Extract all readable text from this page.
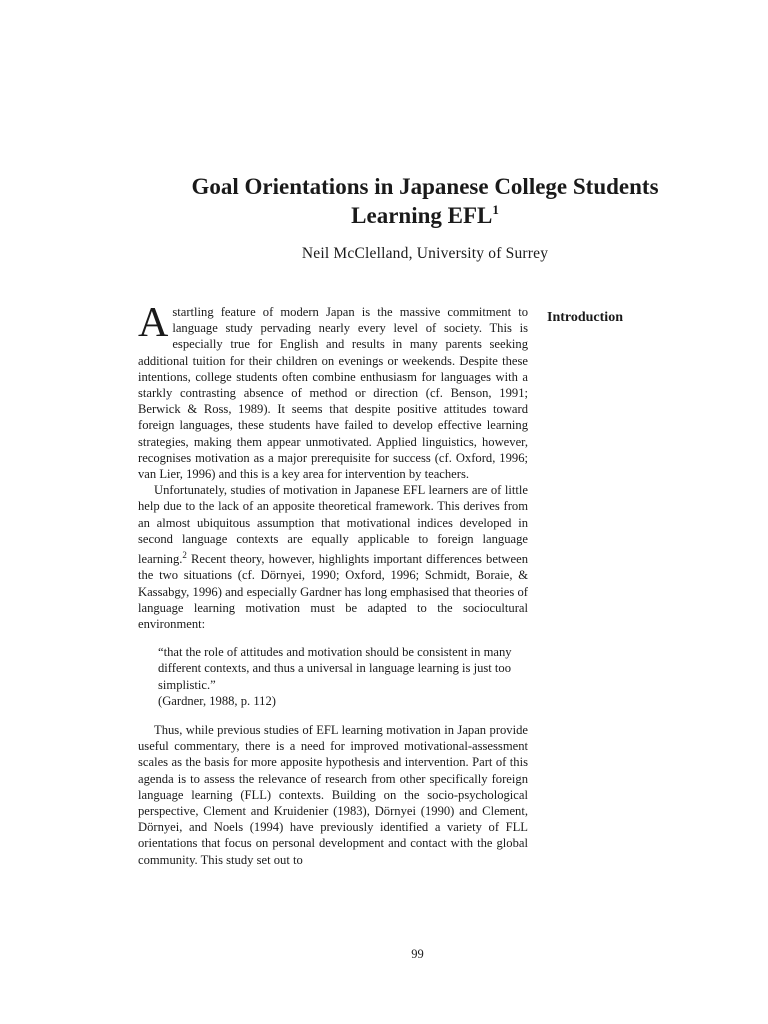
Goal Orientations in Japanese College Students

Learning EFL$^1$

Neil McClelland, University of Surrey
Introduction

Astartling feature of modern Japan is the massive commitment to language study pervading nearly every level of society. This is especially true for English and results in many parents seeking additional tuition for their children on evenings or weekends. Despite these intentions, college students often combine enthusiasm for languages with a starkly contrasting absence of method or direction (cf. Benson, 1991; Berwick & Ross, 1989). It seems that despite positive attitudes toward foreign languages, these students have failed to develop effective learning strategies, making them appear unmotivated. Applied linguistics, however, recognises motivation as a major prerequisite for success (cf. Oxford, 1996; van Lier, 1996) and this is a key area for intervention by teachers.

Unfortunately, studies of motivation in Japanese EFL learners are of little help due to the lack of an apposite theoretical framework. This derives from an almost ubiquitous assumption that motivational indices developed in second language contexts are equally applicable to foreign language learning.$^2$ Recent theory, however, highlights important differences between the two situations (cf. Dörnyei, 1990; Oxford, 1996; Schmidt, Boraie, & Kassabgy, 1996) and especially Gardner has long emphasised that theories of language learning motivation must be adapted to the sociocultural environment:

“that the role of attitudes and motivation should be consistent in many different contexts, and thus a universal in language learning is just too simplistic.”
(Gardner, 1988, p. 112)

Thus, while previous studies of EFL learning motivation in Japan provide useful commentary, there is a need for improved motivational-assessment scales as the basis for more apposite hypothesis and intervention. Part of this agenda is to assess the relevance of research from other specifically foreign language learning (FLL) contexts. Building on the socio-psychological perspective, Clement and Kruidenier (1983), Dörnyei (1990) and Clement, Dörnyei, and Noels (1994) have previously identified a variety of FLL orientations that focus on personal development and contact with the global community. This study set out to

99
